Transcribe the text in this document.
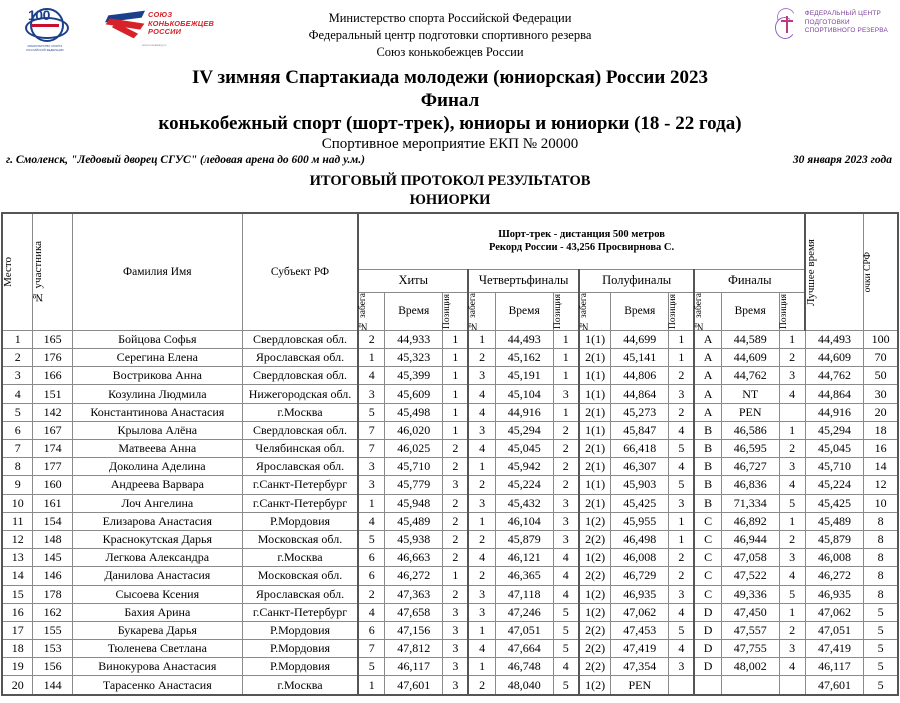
100
МИНИСТЕРСТВО СПОРТА РОССИЙСКОЙ ФЕДЕРАЦИИ
СОЮЗ
КОНЬКОБЕЖЦЕВ
РОССИИ
www.russkating.ru
Министерство спорта Российской Федерации
Федеральный центр подготовки спортивного резерва
Союз конькобежцев России
ФЕДЕРАЛЬНЫЙ ЦЕНТР
ПОДГОТОВКИ
СПОРТИВНОГО РЕЗЕРВА
IV зимняя Спартакиада молодежи (юниорская) России 2023
Финал
конькобежный спорт (шорт-трек), юниоры и юниорки (18 - 22 года)
Спортивное мероприятие ЕКП № 20000
г. Смоленск, "Ледовый дворец СГУС" (ледовая арена до 600 м над у.м.)	30 января 2023 года
ИТОГОВЫЙ ПРОТОКОЛ РЕЗУЛЬТАТОВ
ЮНИОРКИ
Место	№ участника	Фамилия Имя	Субъект РФ	Шорт-трек - дистанция 500 метров
Рекорд России - 43,256 Просвирнова С.												Лучшее время	очки СРФ

				Хиты			Четвертьфиналы			Полуфиналы			Финалы				

				№ забега	Время	Позиция	№ забега	Время	Позиция	№ забега	Время	Позиция	№ забега	Время	Позиция		

1	165	Бойцова Софья	Свердловская обл.	2	44,933	1	1	44,493	1	1(1)	44,699	1	A	44,589	1	44,493	100
2	176	Серегина Елена	Ярославская обл.	1	45,323	1	2	45,162	1	2(1)	45,141	1	A	44,609	2	44,609	70
3	166	Вострикова Анна	Свердловская обл.	4	45,399	1	3	45,191	1	1(1)	44,806	2	A	44,762	3	44,762	50
4	151	Козулина Людмила	Нижегородская обл.	3	45,609	1	4	45,104	3	1(1)	44,864	3	A	NT	4	44,864	30
5	142	Константинова Анастасия	г.Москва	5	45,498	1	4	44,916	1	2(1)	45,273	2	A	PEN		44,916	20
6	167	Крылова Алёна	Свердловская обл.	7	46,020	1	3	45,294	2	1(1)	45,847	4	B	46,586	1	45,294	18
7	174	Матвеева Анна	Челябинская обл.	7	46,025	2	4	45,045	2	2(1)	66,418	5	B	46,595	2	45,045	16
8	177	Доколина Аделина	Ярославская обл.	3	45,710	2	1	45,942	2	2(1)	46,307	4	B	46,727	3	45,710	14
9	160	Андреева Варвара	г.Санкт-Петербург	3	45,779	3	2	45,224	2	1(1)	45,903	5	B	46,836	4	45,224	12
10	161	Лоч Ангелина	г.Санкт-Петербург	1	45,948	2	3	45,432	3	2(1)	45,425	3	B	71,334	5	45,425	10
11	154	Елизарова Анастасия	Р.Мордовия	4	45,489	2	1	46,104	3	1(2)	45,955	1	C	46,892	1	45,489	8
12	148	Краснокутская Дарья	Московская обл.	5	45,938	2	2	45,879	3	2(2)	46,498	1	C	46,944	2	45,879	8
13	145	Легкова Александра	г.Москва	6	46,663	2	4	46,121	4	1(2)	46,008	2	C	47,058	3	46,008	8
14	146	Данилова Анастасия	Московская обл.	6	46,272	1	2	46,365	4	2(2)	46,729	2	C	47,522	4	46,272	8
15	178	Сысоева Ксения	Ярославская обл.	2	47,363	2	3	47,118	4	1(2)	46,935	3	C	49,336	5	46,935	8
16	162	Бахия Арина	г.Санкт-Петербург	4	47,658	3	3	47,246	5	1(2)	47,062	4	D	47,450	1	47,062	5
17	155	Букарева Дарья	Р.Мордовия	6	47,156	3	1	47,051	5	2(2)	47,453	5	D	47,557	2	47,051	5
18	153	Тюленева Светлана	Р.Мордовия	7	47,812	3	4	47,664	5	2(2)	47,419	4	D	47,755	3	47,419	5
19	156	Винокурова Анастасия	Р.Мордовия	5	46,117	3	1	46,748	4	2(2)	47,354	3	D	48,002	4	46,117	5
20	144	Тарасенко Анастасия	г.Москва	1	47,601	3	2	48,040	5	1(2)	PEN					47,601	5
